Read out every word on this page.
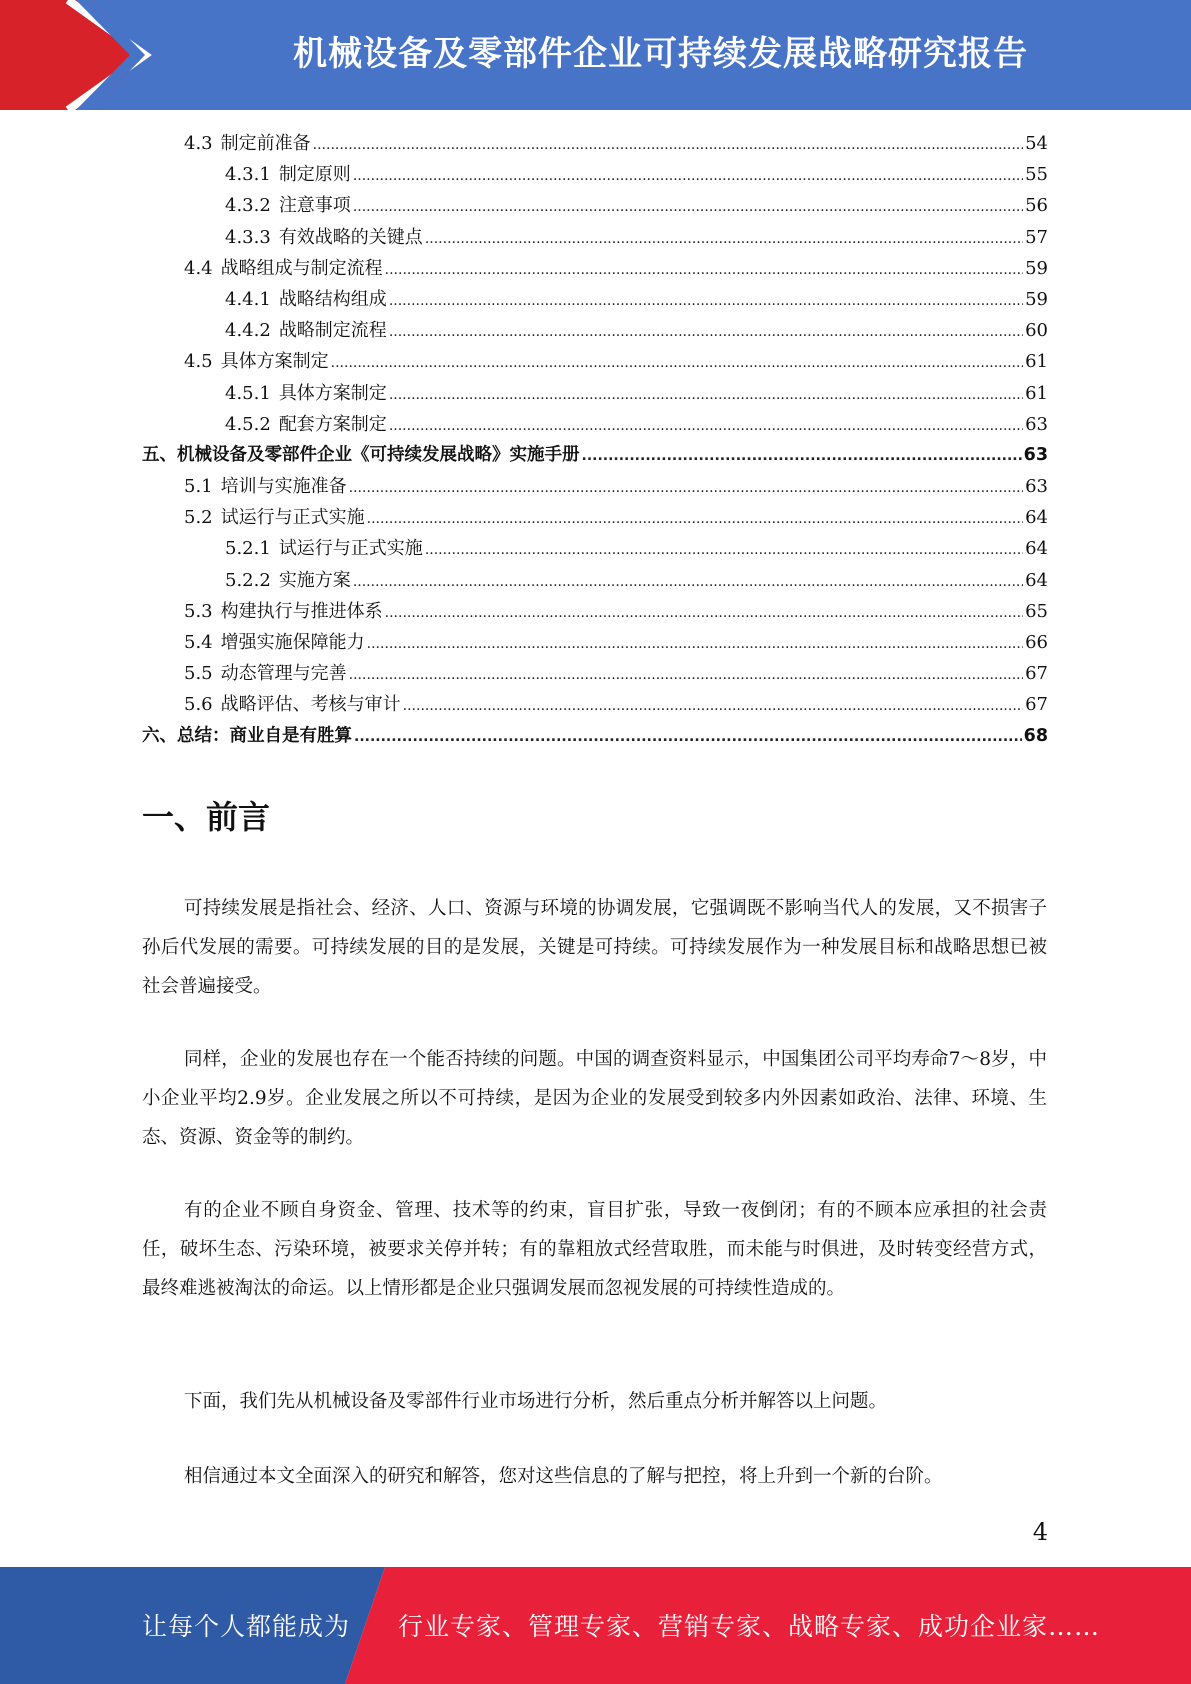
机械设备及零部件企业可持续发展战略研究报告
4.3 制定前准备 .....	54
4.3.1 制定原则 .....	55
4.3.2 注意事项 .....	56
4.3.3 有效战略的关键点 .....	57
4.4 战略组成与制定流程 .....	59
4.4.1 战略结构组成 .....	59
4.4.2 战略制定流程 .....	60
4.5 具体方案制定 .....	61
4.5.1 具体方案制定 .....	61
4.5.2 配套方案制定 .....	63
五、机械设备及零部件企业《可持续发展战略》实施手册 .....	63
5.1 培训与实施准备 .....	63
5.2 试运行与正式实施 .....	64
5.2.1 试运行与正式实施 .....	64
5.2.2 实施方案 .....	64
5.3 构建执行与推进体系 .....	65
5.4 增强实施保障能力 .....	66
5.5 动态管理与完善 .....	67
5.6 战略评估、考核与审计 .....	67
六、总结：商业自是有胜算 .....	68
一、前言
可持续发展是指社会、经济、人口、资源与环境的协调发展，它强调既不影响当代人的发展，又不损害子孙后代发展的需要。可持续发展的目的是发展，关键是可持续。可持续发展作为一种发展目标和战略思想已被社会普遍接受。
同样，企业的发展也存在一个能否持续的问题。中国的调查资料显示，中国集团公司平均寿命7～8岁，中小企业平均2.9岁。企业发展之所以不可持续，是因为企业的发展受到较多内外因素如政治、法律、环境、生态、资源、资金等的制约。
有的企业不顾自身资金、管理、技术等的约束，盲目扩张，导致一夜倒闭；有的不顾本应承担的社会责任，破坏生态、污染环境，被要求关停并转；有的靠粗放式经营取胜，而未能与时俱进，及时转变经营方式，最终难逃被淘汰的命运。以上情形都是企业只强调发展而忽视发展的可持续性造成的。
下面，我们先从机械设备及零部件行业市场进行分析，然后重点分析并解答以上问题。
相信通过本文全面深入的研究和解答，您对这些信息的了解与把控，将上升到一个新的台阶。
4
让每个人都能成为 行业专家、管理专家、营销专家、战略专家、成功企业家……
